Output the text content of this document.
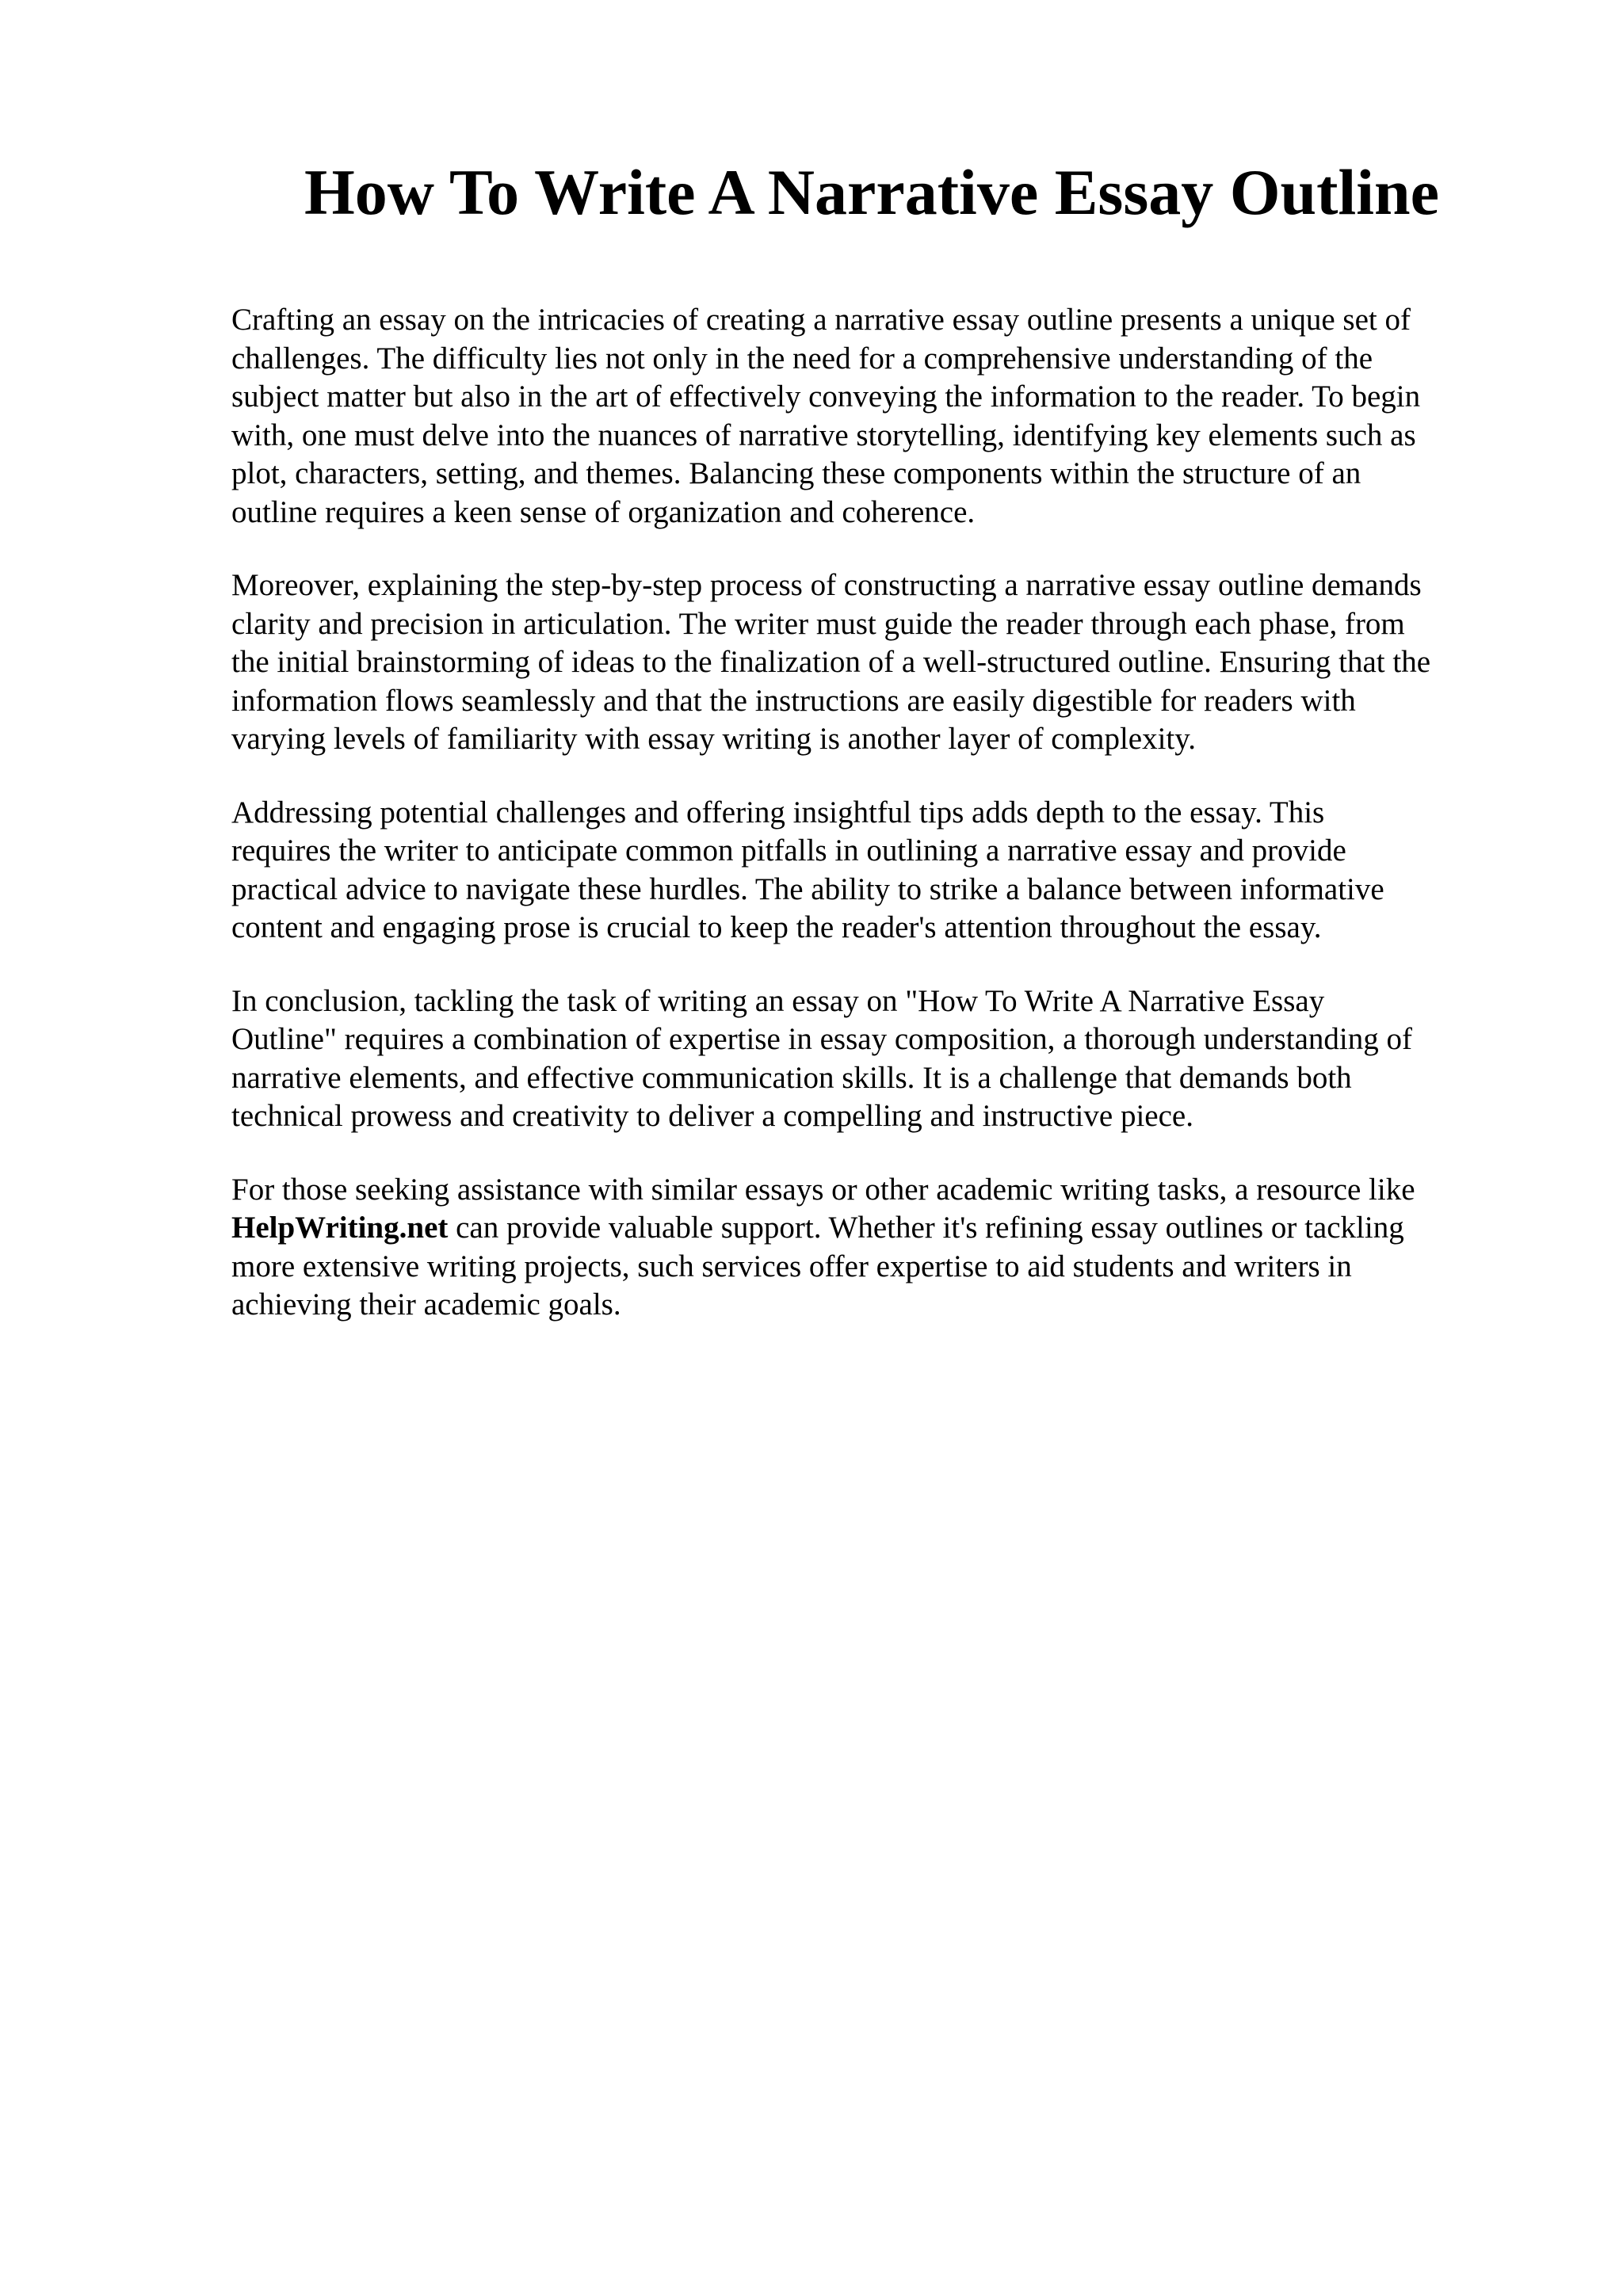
How To Write A Narrative Essay Outline

Crafting an essay on the intricacies of creating a narrative essay outline presents a unique set of
challenges. The difficulty lies not only in the need for a comprehensive understanding of the
subject matter but also in the art of effectively conveying the information to the reader. To begin
with, one must delve into the nuances of narrative storytelling, identifying key elements such as
plot, characters, setting, and themes. Balancing these components within the structure of an
outline requires a keen sense of organization and coherence.

Moreover, explaining the step-by-step process of constructing a narrative essay outline demands
clarity and precision in articulation. The writer must guide the reader through each phase, from
the initial brainstorming of ideas to the finalization of a well-structured outline. Ensuring that the
information flows seamlessly and that the instructions are easily digestible for readers with
varying levels of familiarity with essay writing is another layer of complexity.

Addressing potential challenges and offering insightful tips adds depth to the essay. This
requires the writer to anticipate common pitfalls in outlining a narrative essay and provide
practical advice to navigate these hurdles. The ability to strike a balance between informative
content and engaging prose is crucial to keep the reader's attention throughout the essay.

In conclusion, tackling the task of writing an essay on "How To Write A Narrative Essay
Outline" requires a combination of expertise in essay composition, a thorough understanding of
narrative elements, and effective communication skills. It is a challenge that demands both
technical prowess and creativity to deliver a compelling and instructive piece.

For those seeking assistance with similar essays or other academic writing tasks, a resource like
HelpWriting.net can provide valuable support. Whether it's refining essay outlines or tackling
more extensive writing projects, such services offer expertise to aid students and writers in
achieving their academic goals.
